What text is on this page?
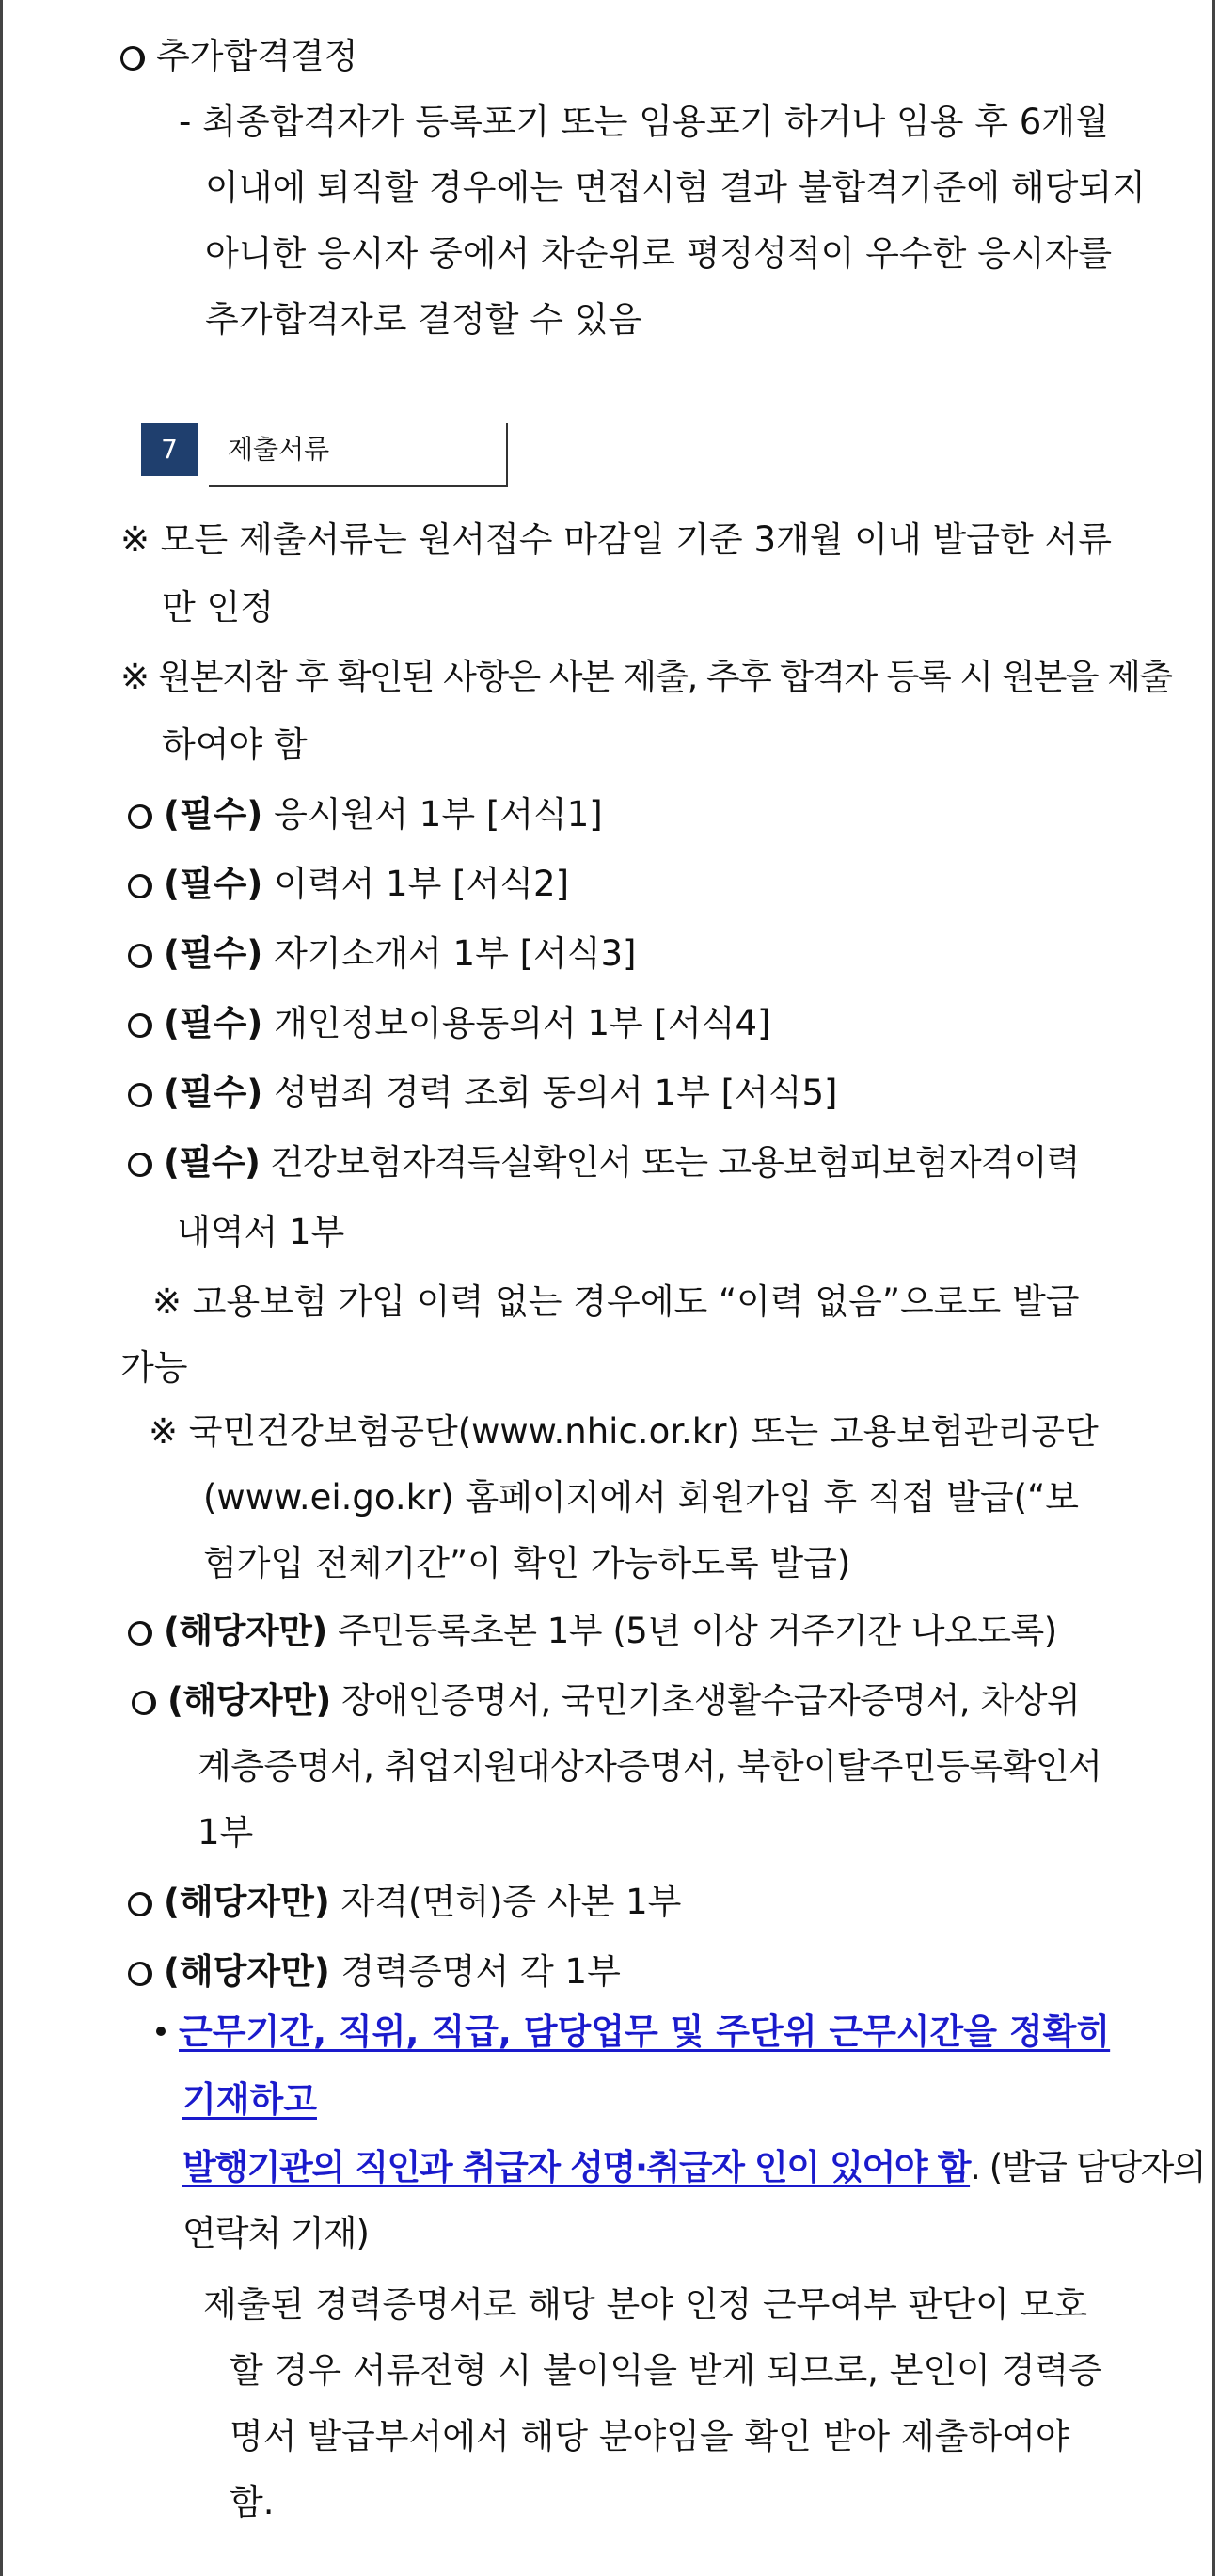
추가합격결정
- 최종합격자가 등록포기 또는 임용포기 하거나 임용 후 6개월
이내에 퇴직할 경우에는 면접시험 결과 불합격기준에 해당되지
아니한 응시자 중에서 차순위로 평정성적이 우수한 응시자를
추가합격자로 결정할 수 있음
7	제출서류
※ 모든 제출서류는 원서접수 마감일 기준 3개월 이내 발급한 서류
만 인정
※ 원본지참 후 확인된 사항은 사본 제출, 추후 합격자 등록 시 원본을 제출
하여야 함
(필수) 응시원서 1부 [서식1]
(필수) 이력서 1부 [서식2]
(필수) 자기소개서 1부 [서식3]
(필수) 개인정보이용동의서 1부 [서식4]
(필수) 성범죄 경력 조회 동의서 1부 [서식5]
(필수) 건강보험자격득실확인서 또는 고용보험피보험자격이력
내역서 1부
※ 고용보험 가입 이력 없는 경우에도 “이력 없음”으로도 발급
가능
※ 국민건강보험공단(www.nhic.or.kr) 또는 고용보험관리공단
(www.ei.go.kr) 홈페이지에서 회원가입 후 직접 발급(“보
험가입 전체기간”이 확인 가능하도록 발급)
(해당자만) 주민등록초본 1부 (5년 이상 거주기간 나오도록)
(해당자만) 장애인증명서, 국민기초생활수급자증명서, 차상위
계층증명서, 취업지원대상자증명서, 북한이탈주민등록확인서
1부
(해당자만) 자격(면허)증 사본 1부
(해당자만) 경력증명서 각 1부
근무기간, 직위, 직급, 담당업무 및 주단위 근무시간을 정확히
기재하고
발행기관의 직인과 취급자 성명∙취급자 인이 있어야 함. (발급 담당자의
연락처 기재)
제출된 경력증명서로 해당 분야 인정 근무여부 판단이 모호
할 경우 서류전형 시 불이익을 받게 되므로, 본인이 경력증
명서 발급부서에서 해당 분야임을 확인 받아 제출하여야
함.
